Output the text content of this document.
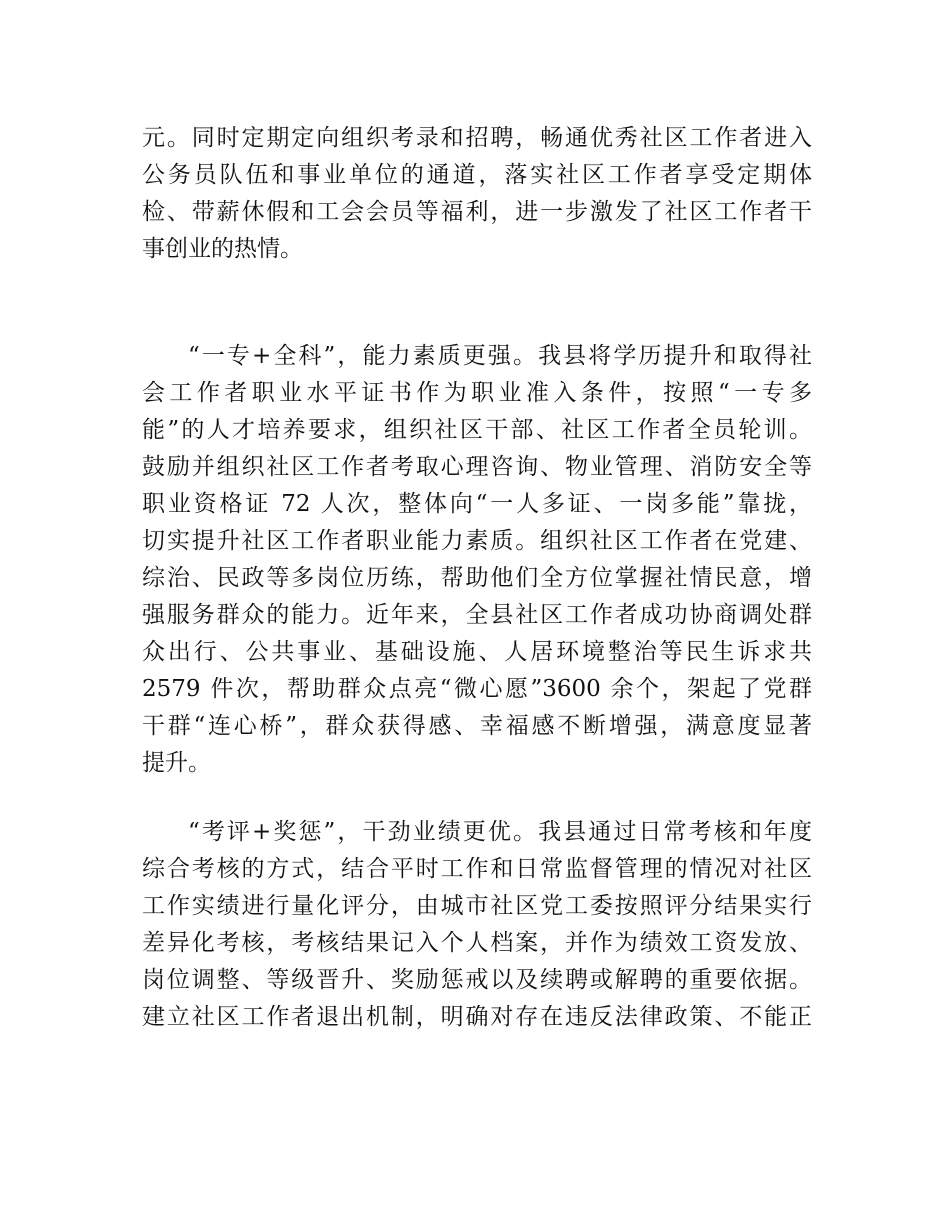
元。同时定期定向组织考录和招聘，畅通优秀社区工作者进入
公务员队伍和事业单位的通道，落实社区工作者享受定期体
检、带薪休假和工会会员等福利，进一步激发了社区工作者干
事创业的热情。
“一专+全科”，能力素质更强。我县将学历提升和取得社
会工作者职业水平证书作为职业准入条件，按照“一专多
能”的人才培养要求，组织社区干部、社区工作者全员轮训。
鼓励并组织社区工作者考取心理咨询、物业管理、消防安全等
职业资格证 72 人次，整体向“一人多证、一岗多能”靠拢，
切实提升社区工作者职业能力素质。组织社区工作者在党建、
综治、民政等多岗位历练，帮助他们全方位掌握社情民意，增
强服务群众的能力。近年来，全县社区工作者成功协商调处群
众出行、公共事业、基础设施、人居环境整治等民生诉求共
2579 件次，帮助群众点亮“微心愿”3600 余个，架起了党群
干群“连心桥”，群众获得感、幸福感不断增强，满意度显著
提升。
“考评+奖惩”，干劲业绩更优。我县通过日常考核和年度
综合考核的方式，结合平时工作和日常监督管理的情况对社区
工作实绩进行量化评分，由城市社区党工委按照评分结果实行
差异化考核，考核结果记入个人档案，并作为绩效工资发放、
岗位调整、等级晋升、奖励惩戒以及续聘或解聘的重要依据。
建立社区工作者退出机制，明确对存在违反法律政策、不能正
